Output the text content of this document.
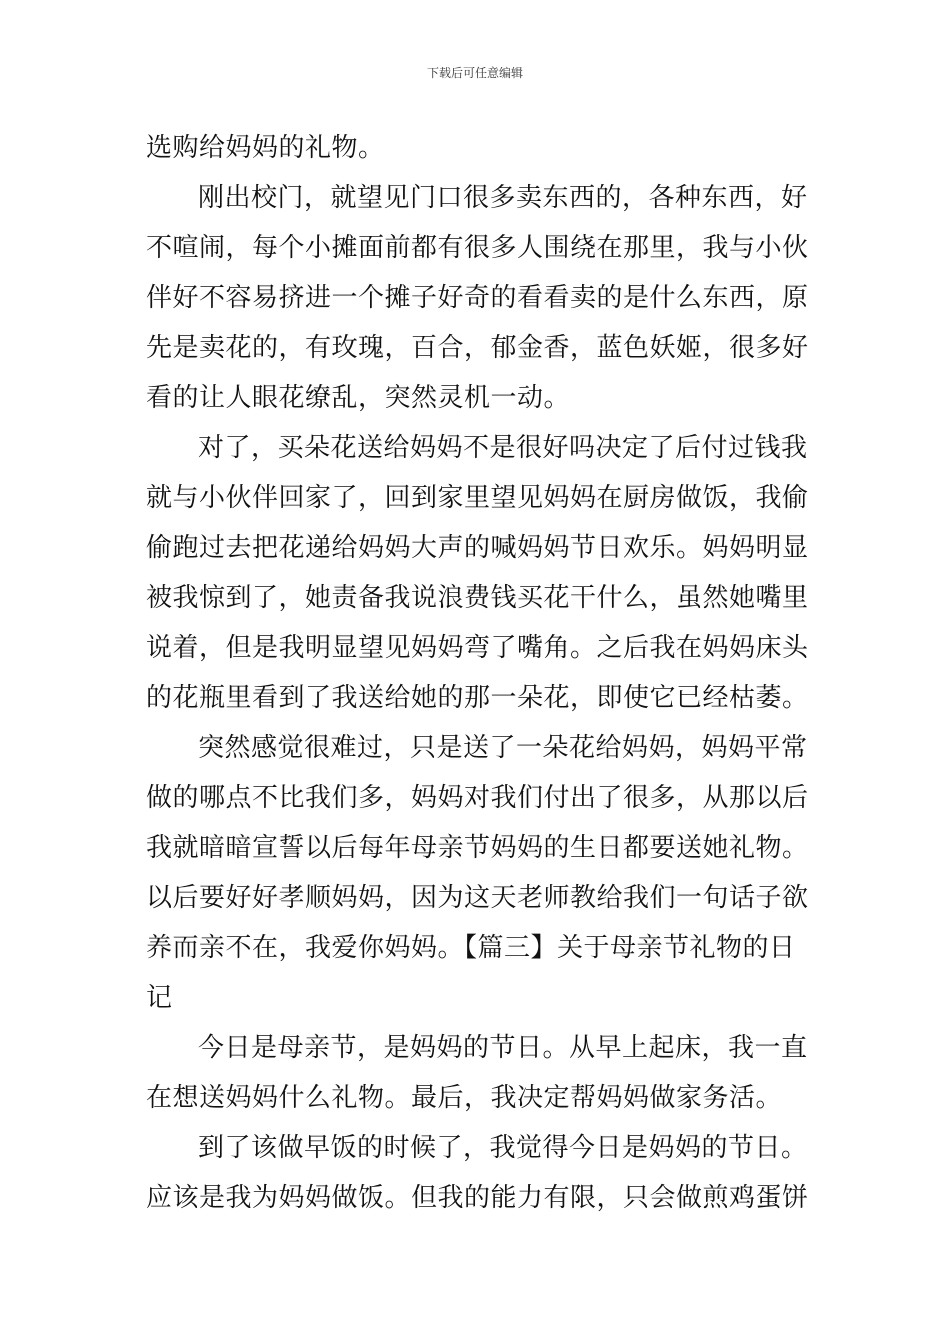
下载后可任意编辑
选购给妈妈的礼物。
刚出校门，就望见门口很多卖东西的，各种东西，好
不喧闹，每个小摊面前都有很多人围绕在那里，我与小伙
伴好不容易挤进一个摊子好奇的看看卖的是什么东西，原
先是卖花的，有玫瑰，百合，郁金香，蓝色妖姬，很多好
看的让人眼花缭乱，突然灵机一动。
对了，买朵花送给妈妈不是很好吗决定了后付过钱我
就与小伙伴回家了，回到家里望见妈妈在厨房做饭，我偷
偷跑过去把花递给妈妈大声的喊妈妈节日欢乐。妈妈明显
被我惊到了，她责备我说浪费钱买花干什么，虽然她嘴里
说着，但是我明显望见妈妈弯了嘴角。之后我在妈妈床头
的花瓶里看到了我送给她的那一朵花，即使它已经枯萎。
突然感觉很难过，只是送了一朵花给妈妈，妈妈平常
做的哪点不比我们多，妈妈对我们付出了很多，从那以后
我就暗暗宣誓以后每年母亲节妈妈的生日都要送她礼物。
以后要好好孝顺妈妈，因为这天老师教给我们一句话子欲
养而亲不在，我爱你妈妈。【篇三】关于母亲节礼物的日
记
今日是母亲节，是妈妈的节日。从早上起床，我一直
在想送妈妈什么礼物。最后，我决定帮妈妈做家务活。
到了该做早饭的时候了，我觉得今日是妈妈的节日。
应该是我为妈妈做饭。但我的能力有限，只会做煎鸡蛋饼
